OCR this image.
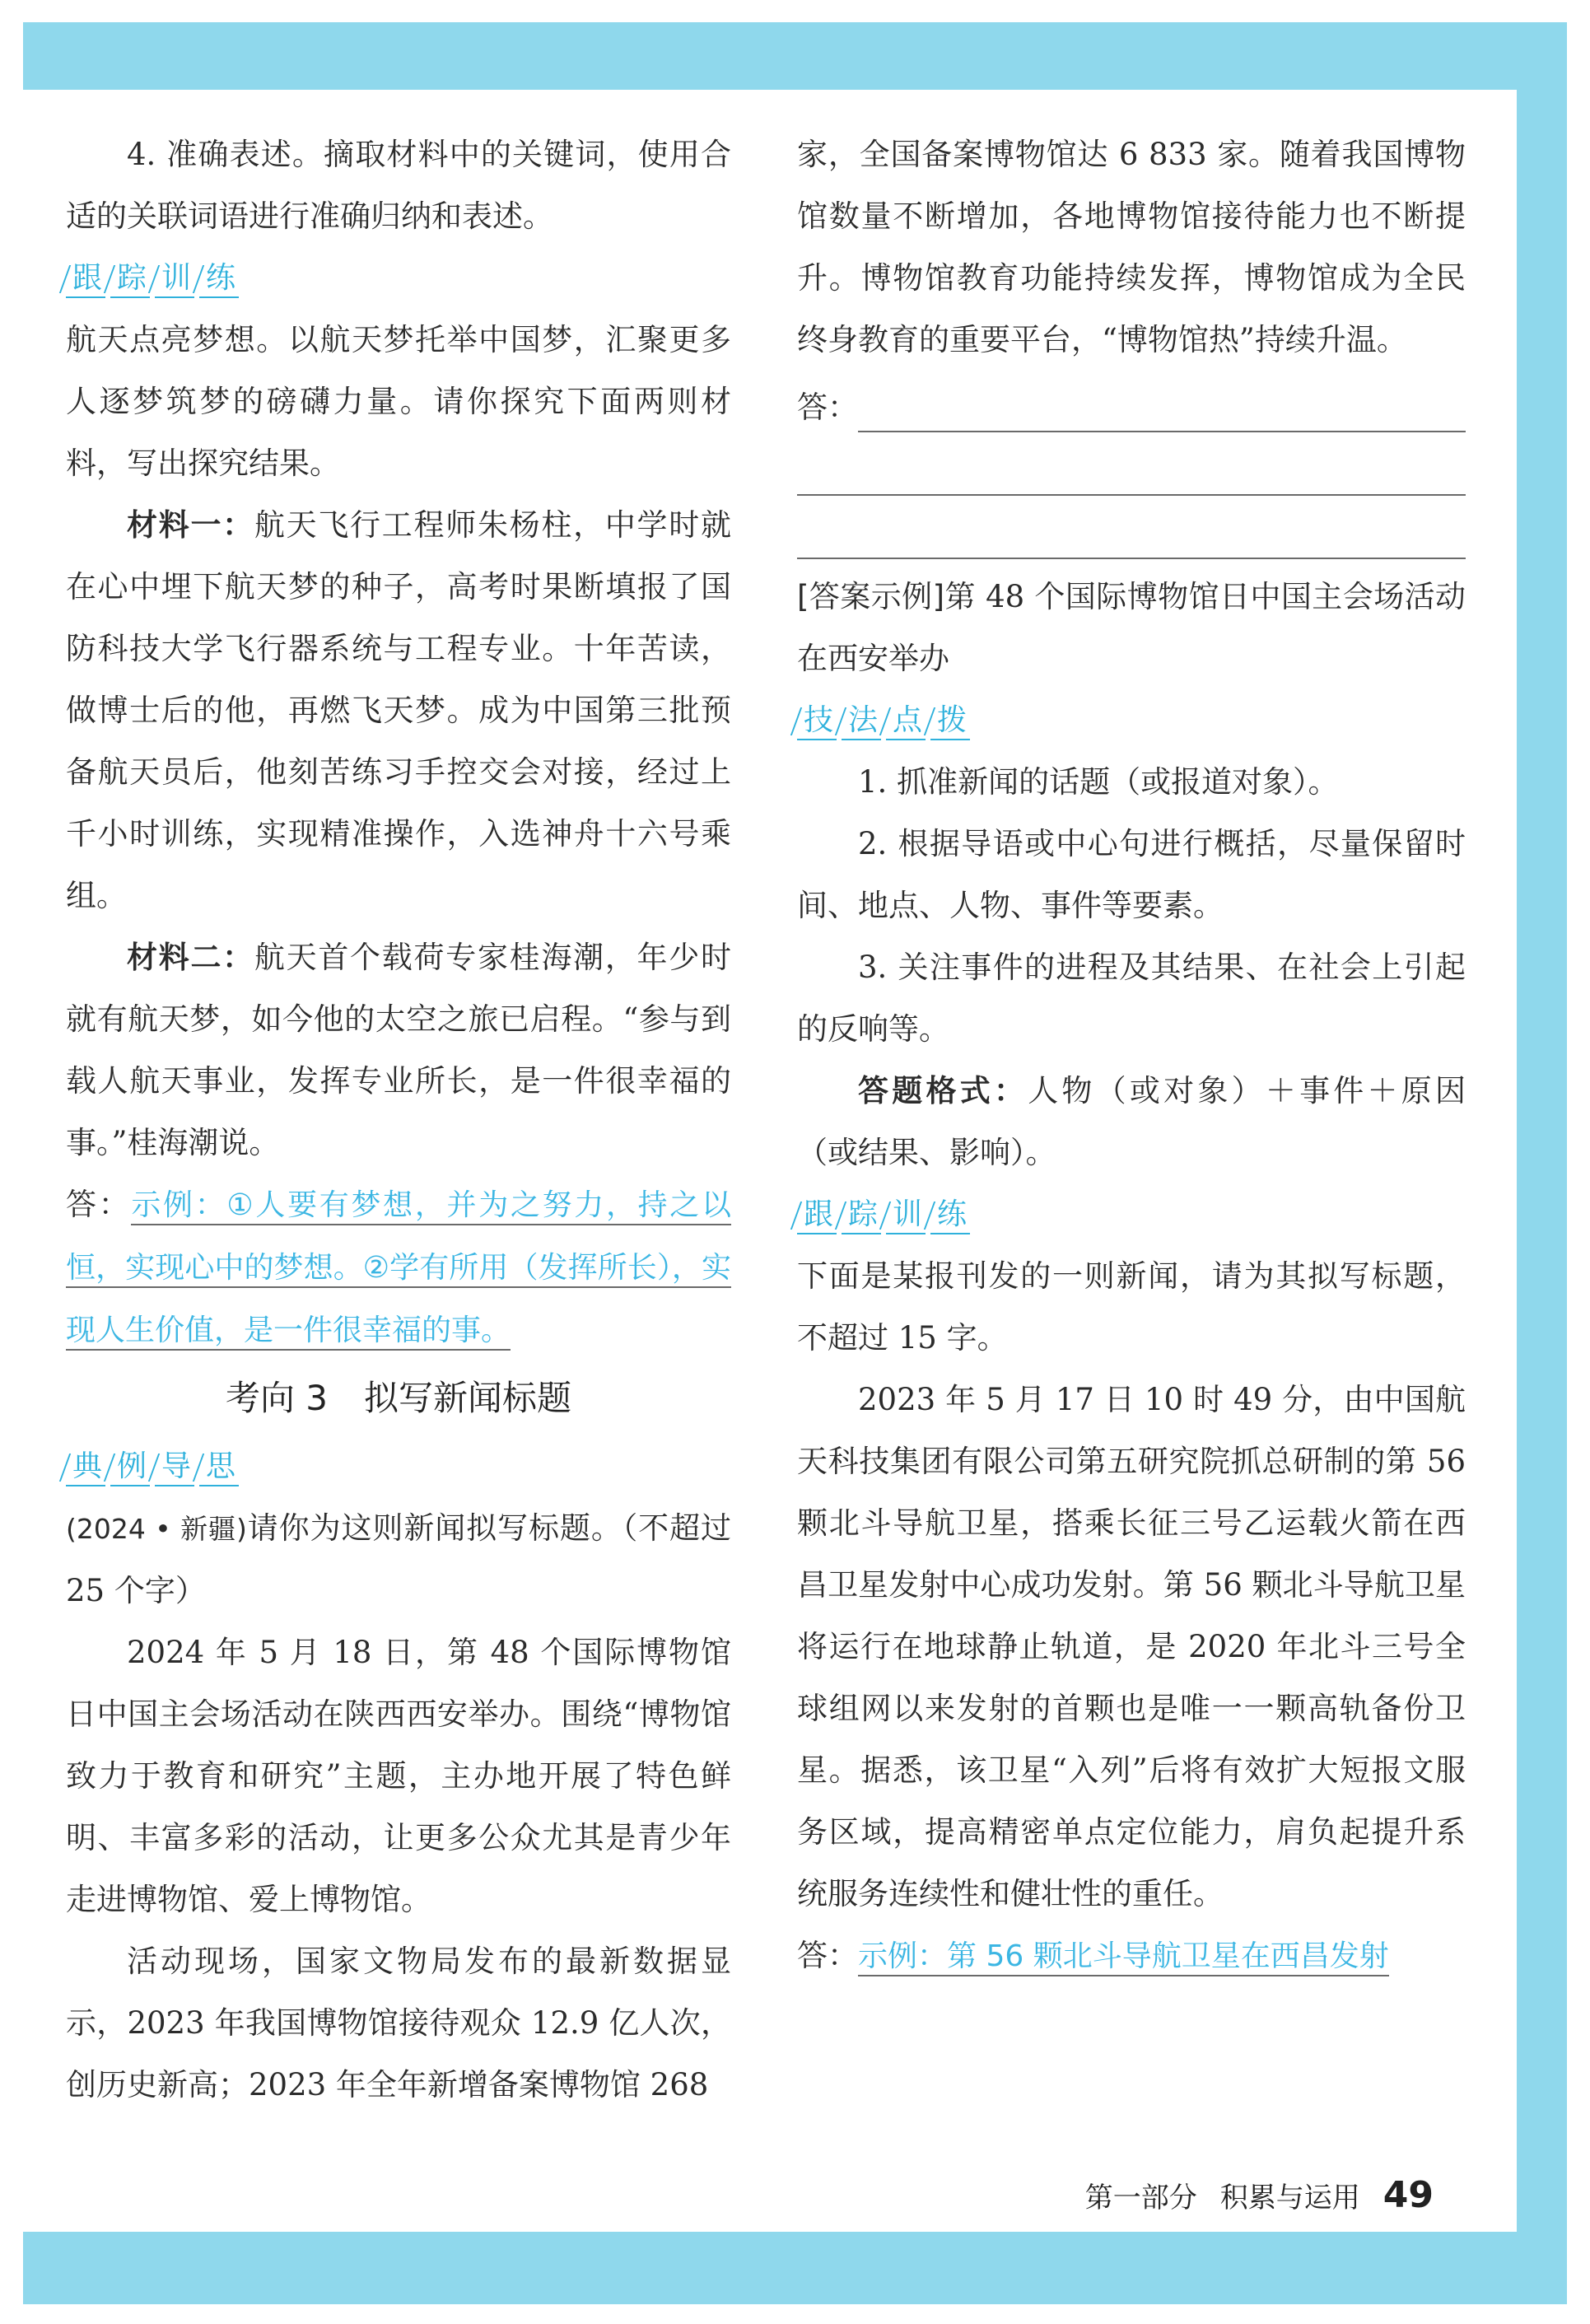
4. 准确表述。摘取材料中的关键词，使用合适的关联词语进行准确归纳和表述。

跟 踪 训 练

航天点亮梦想。以航天梦托举中国梦，汇聚更多人逐梦筑梦的磅礴力量。请你探究下面两则材料，写出探究结果。

材料一：航天飞行工程师朱杨柱，中学时就在心中埋下航天梦的种子，高考时果断填报了国防科技大学飞行器系统与工程专业。十年苦读，做博士后的他，再燃飞天梦。成为中国第三批预备航天员后，他刻苦练习手控交会对接，经过上千小时训练，实现精准操作，入选神舟十六号乘组。

材料二：航天首个载荷专家桂海潮，年少时就有航天梦，如今他的太空之旅已启程。“参与到载人航天事业，发挥专业所长，是一件很幸福的事。”桂海潮说。

答：示例：①人要有梦想，并为之努力，持之以恒，实现心中的梦想。②学有所用（发挥所长），实现人生价值，是一件很幸福的事。

考向 3 拟写新闻标题
典 例 导 思

(2024 • 新疆)请你为这则新闻拟写标题。（不超过 25 个字）

2024 年 5 月 18 日，第 48 个国际博物馆日中国主会场活动在陕西西安举办。围绕“博物馆致力于教育和研究”主题，主办地开展了特色鲜明、丰富多彩的活动，让更多公众尤其是青少年走进博物馆、爱上博物馆。

活动现场，国家文物局发布的最新数据显示，2023 年我国博物馆接待观众 12.9 亿人次，创历史新高；2023 年全年新增备案博物馆 268

家，全国备案博物馆达 6 833 家。随着我国博物馆数量不断增加，各地博物馆接待能力也不断提升。博物馆教育功能持续发挥，博物馆成为全民终身教育的重要平台，“博物馆热”持续升温。

答：

[答案示例]第 48 个国际博物馆日中国主会场活动在西安举办

技 法 点 拨

1. 抓准新闻的话题（或报道对象）。

2. 根据导语或中心句进行概括，尽量保留时间、地点、人物、事件等要素。

3. 关注事件的进程及其结果、在社会上引起的反响等。

答题格式：人物（或对象）＋事件＋原因（或结果、影响）。

跟 踪 训 练

下面是某报刊发的一则新闻，请为其拟写标题，不超过 15 字。

2023 年 5 月 17 日 10 时 49 分，由中国航天科技集团有限公司第五研究院抓总研制的第 56 颗北斗导航卫星，搭乘长征三号乙运载火箭在西昌卫星发射中心成功发射。第 56 颗北斗导航卫星将运行在地球静止轨道，是 2020 年北斗三号全球组网以来发射的首颗也是唯一一颗高轨备份卫星。据悉，该卫星“入列”后将有效扩大短报文服务区域，提高精密单点定位能力，肩负起提升系统服务连续性和健壮性的重任。

答：示例：第 56 颗北斗导航卫星在西昌发射

第一部分 积累与运用 49
